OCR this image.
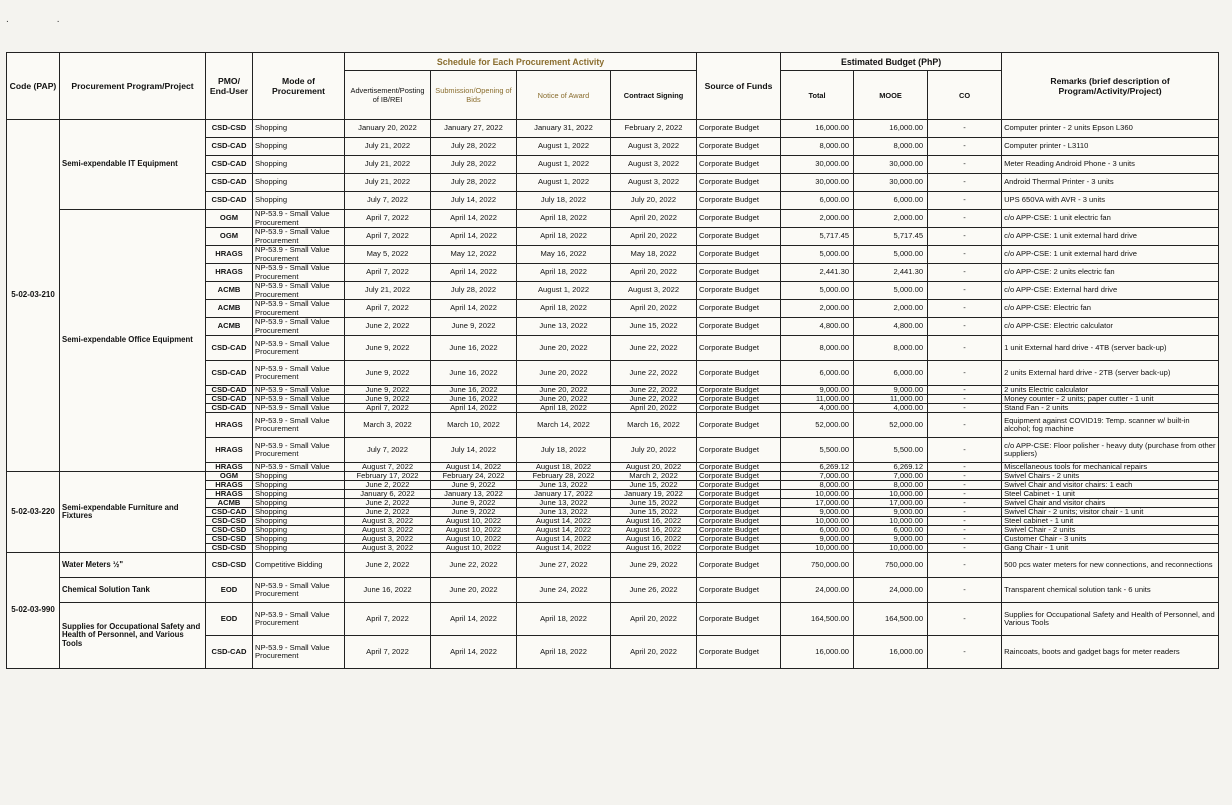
..
Code (PAP)	Procurement Program/Project	PMO/ End-User	Mode of Procurement	Schedule for Each Procurement Activity				Source of Funds	Estimated Budget (PhP)			Remarks (brief description of Program/Activity/Project)
				Advertisement/Posting of IB/REI	Submission/Opening of Bids	Notice of Award	Contract Signing		Total	MOOE	CO	
5-02-03-210	Semi-expendable IT Equipment	CSD-CSD	Shopping	January 20, 2022	January 27, 2022	January 31, 2022	February 2, 2022	Corporate Budget	16,000.00	16,000.00	-	Computer printer - 2 units Epson L360
		CSD-CAD	Shopping	July 21, 2022	July 28, 2022	August 1, 2022	August 3, 2022	Corporate Budget	8,000.00	8,000.00	-	Computer printer - L3110
		CSD-CAD	Shopping	July 21, 2022	July 28, 2022	August 1, 2022	August 3, 2022	Corporate Budget	30,000.00	30,000.00	-	Meter Reading Android Phone - 3 units
		CSD-CAD	Shopping	July 21, 2022	July 28, 2022	August 1, 2022	August 3, 2022	Corporate Budget	30,000.00	30,000.00	-	Android Thermal Printer - 3 units
		CSD-CAD	Shopping	July 7, 2022	July 14, 2022	July 18, 2022	July 20, 2022	Corporate Budget	6,000.00	6,000.00	-	UPS 650VA with AVR - 3 units
	Semi-expendable Office Equipment	OGM	NP-53.9 - Small Value Procurement	April 7, 2022	April 14, 2022	April 18, 2022	April 20, 2022	Corporate Budget	2,000.00	2,000.00	-	c/o APP-CSE: 1 unit electric fan
		OGM	NP-53.9 - Small Value Procurement	April 7, 2022	April 14, 2022	April 18, 2022	April 20, 2022	Corporate Budget	5,717.45	5,717.45	-	c/o APP-CSE: 1 unit external hard drive
		HRAGS	NP-53.9 - Small Value Procurement	May 5, 2022	May 12, 2022	May 16, 2022	May 18, 2022	Corporate Budget	5,000.00	5,000.00	-	c/o APP-CSE: 1 unit external hard drive
		HRAGS	NP-53.9 - Small Value Procurement	April 7, 2022	April 14, 2022	April 18, 2022	April 20, 2022	Corporate Budget	2,441.30	2,441.30	-	c/o APP-CSE: 2 units electric fan
		ACMB	NP-53.9 - Small Value Procurement	July 21, 2022	July 28, 2022	August 1, 2022	August 3, 2022	Corporate Budget	5,000.00	5,000.00	-	c/o APP-CSE: External hard drive
		ACMB	NP-53.9 - Small Value Procurement	April 7, 2022	April 14, 2022	April 18, 2022	April 20, 2022	Corporate Budget	2,000.00	2,000.00	-	c/o APP-CSE: Electric fan
		ACMB	NP-53.9 - Small Value Procurement	June 2, 2022	June 9, 2022	June 13, 2022	June 15, 2022	Corporate Budget	4,800.00	4,800.00	-	c/o APP-CSE: Electric calculator
		CSD-CAD	NP-53.9 - Small Value Procurement	June 9, 2022	June 16, 2022	June 20, 2022	June 22, 2022	Corporate Budget	8,000.00	8,000.00	-	1 unit External hard drive - 4TB (server back-up)
		CSD-CAD	NP-53.9 - Small Value Procurement	June 9, 2022	June 16, 2022	June 20, 2022	June 22, 2022	Corporate Budget	6,000.00	6,000.00	-	2 units External hard drive - 2TB (server back-up)
		CSD-CAD	NP-53.9 - Small Value	June 9, 2022	June 16, 2022	June 20, 2022	June 22, 2022	Corporate Budget	9,000.00	9,000.00	-	2 units Electric calculator
		CSD-CAD	NP-53.9 - Small Value	June 9, 2022	June 16, 2022	June 20, 2022	June 22, 2022	Corporate Budget	11,000.00	11,000.00	-	Money counter - 2 units; paper cutter - 1 unit
		CSD-CAD	NP-53.9 - Small Value	April 7, 2022	April 14, 2022	April 18, 2022	April 20, 2022	Corporate Budget	4,000.00	4,000.00	-	Stand Fan - 2 units
		HRAGS	NP-53.9 - Small Value Procurement	March 3, 2022	March 10, 2022	March 14, 2022	March 16, 2022	Corporate Budget	52,000.00	52,000.00	-	Equipment against COVID19: Temp. scanner w/ built-in alcohol; fog machine
		HRAGS	NP-53.9 - Small Value Procurement	July 7, 2022	July 14, 2022	July 18, 2022	July 20, 2022	Corporate Budget	5,500.00	5,500.00	-	c/o APP-CSE: Floor polisher - heavy duty (purchase from other suppliers)
		HRAGS	NP-53.9 - Small Value	August 7, 2022	August 14, 2022	August 18, 2022	August 20, 2022	Corporate Budget	6,269.12	6,269.12	-	Miscellaneous tools for mechanical repairs
5-02-03-220	Semi-expendable Furniture and Fixtures	OGM	Shopping	February 17, 2022	February 24, 2022	February 28, 2022	March 2, 2022	Corporate Budget	7,000.00	7,000.00	-	Swivel Chairs - 2 units
		HRAGS	Shopping	June 2, 2022	June 9, 2022	June 13, 2022	June 15, 2022	Corporate Budget	8,000.00	8,000.00	-	Swivel Chair and visitor chairs: 1 each
		HRAGS	Shopping	January 6, 2022	January 13, 2022	January 17, 2022	January 19, 2022	Corporate Budget	10,000.00	10,000.00	-	Steel Cabinet - 1 unit
		ACMB	Shopping	June 2, 2022	June 9, 2022	June 13, 2022	June 15, 2022	Corporate Budget	17,000.00	17,000.00	-	Swivel Chair and visitor chairs
		CSD-CAD	Shopping	June 2, 2022	June 9, 2022	June 13, 2022	June 15, 2022	Corporate Budget	9,000.00	9,000.00	-	Swivel Chair - 2 units; visitor chair - 1 unit
		CSD-CSD	Shopping	August 3, 2022	August 10, 2022	August 14, 2022	August 16, 2022	Corporate Budget	10,000.00	10,000.00	-	Steel cabinet - 1 unit
		CSD-CSD	Shopping	August 3, 2022	August 10, 2022	August 14, 2022	August 16, 2022	Corporate Budget	6,000.00	6,000.00	-	Swivel Chair - 2 units
		CSD-CSD	Shopping	August 3, 2022	August 10, 2022	August 14, 2022	August 16, 2022	Corporate Budget	9,000.00	9,000.00	-	Customer Chair - 3 units
		CSD-CSD	Shopping	August 3, 2022	August 10, 2022	August 14, 2022	August 16, 2022	Corporate Budget	10,000.00	10,000.00	-	Gang Chair - 1 unit
5-02-03-990	Water Meters ½"	CSD-CSD	Competitive Bidding	June 2, 2022	June 22, 2022	June 27, 2022	June 29, 2022	Corporate Budget	750,000.00	750,000.00	-	500 pcs water meters for new connections, and reconnections
	Chemical Solution Tank	EOD	NP-53.9 - Small Value Procurement	June 16, 2022	June 20, 2022	June 24, 2022	June 26, 2022	Corporate Budget	24,000.00	24,000.00	-	Transparent chemical solution tank - 6 units
	Supplies for Occupational Safety and Health of Personnel, and Various Tools	EOD	NP-53.9 - Small Value Procurement	April 7, 2022	April 14, 2022	April 18, 2022	April 20, 2022	Corporate Budget	164,500.00	164,500.00	-	Supplies for Occupational Safety and Health of Personnel, and Various Tools
		CSD-CAD	NP-53.9 - Small Value Procurement	April 7, 2022	April 14, 2022	April 18, 2022	April 20, 2022	Corporate Budget	16,000.00	16,000.00	-	Raincoats, boots and gadget bags for meter readers
